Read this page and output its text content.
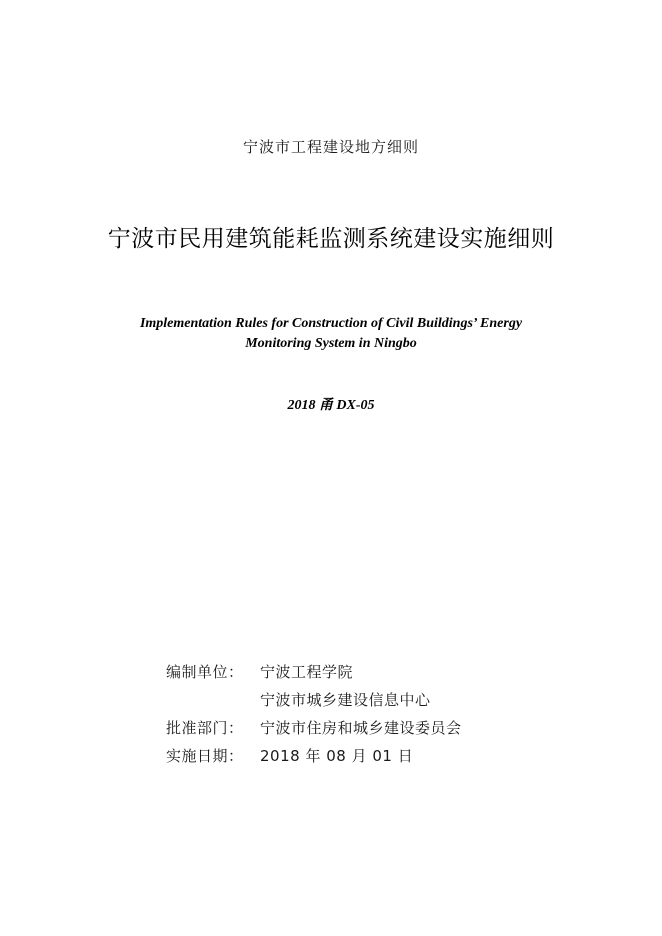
宁波市工程建设地方细则
宁波市民用建筑能耗监测系统建设实施细则
Implementation Rules for Construction of Civil Buildings’ Energy
Monitoring System in Ningbo
2018 甬 DX-05
编制单位：	宁波工程学院
宁波市城乡建设信息中心
批准部门：	宁波市住房和城乡建设委员会
实施日期：	2018 年 08 月 01 日
